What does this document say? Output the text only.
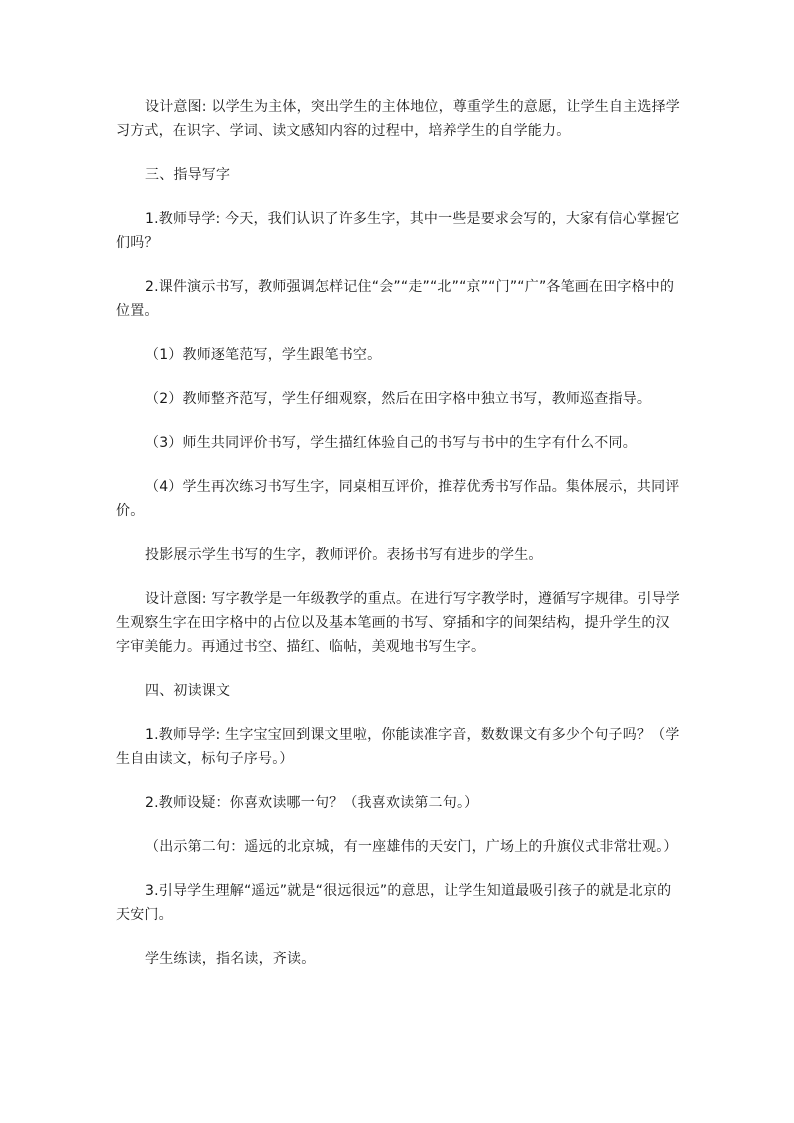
设计意图: 以学生为主体，突出学生的主体地位，尊重学生的意愿，让学生自主选择学习方式，在识字、学词、读文感知内容的过程中，培养学生的自学能力。

三、指导写字

1.教师导学: 今天，我们认识了许多生字，其中一些是要求会写的，大家有信心掌握它们吗？

2.课件演示书写，教师强调怎样记住“会”“走”“北”“京”“门”“广”各笔画在田字格中的位置。

（1）教师逐笔范写，学生跟笔书空。

（2）教师整齐范写，学生仔细观察，然后在田字格中独立书写，教师巡查指导。

（3）师生共同评价书写，学生描红体验自己的书写与书中的生字有什么不同。

（4）学生再次练习书写生字，同桌相互评价，推荐优秀书写作品。集体展示，共同评价。

投影展示学生书写的生字，教师评价。表扬书写有进步的学生。

设计意图: 写字教学是一年级教学的重点。在进行写字教学时，遵循写字规律。引导学生观察生字在田字格中的占位以及基本笔画的书写、穿插和字的间架结构，提升学生的汉字审美能力。再通过书空、描红、临帖，美观地书写生字。

四、初读课文

1.教师导学: 生字宝宝回到课文里啦，你能读准字音，数数课文有多少个句子吗？（学生自由读文，标句子序号。）

2.教师设疑：你喜欢读哪一句？（我喜欢读第二句。）

（出示第二句：遥远的北京城，有一座雄伟的天安门，广场上的升旗仪式非常壮观。）

3.引导学生理解“遥远”就是“很远很远”的意思，让学生知道最吸引孩子的就是北京的天安门。

学生练读，指名读，齐读。
